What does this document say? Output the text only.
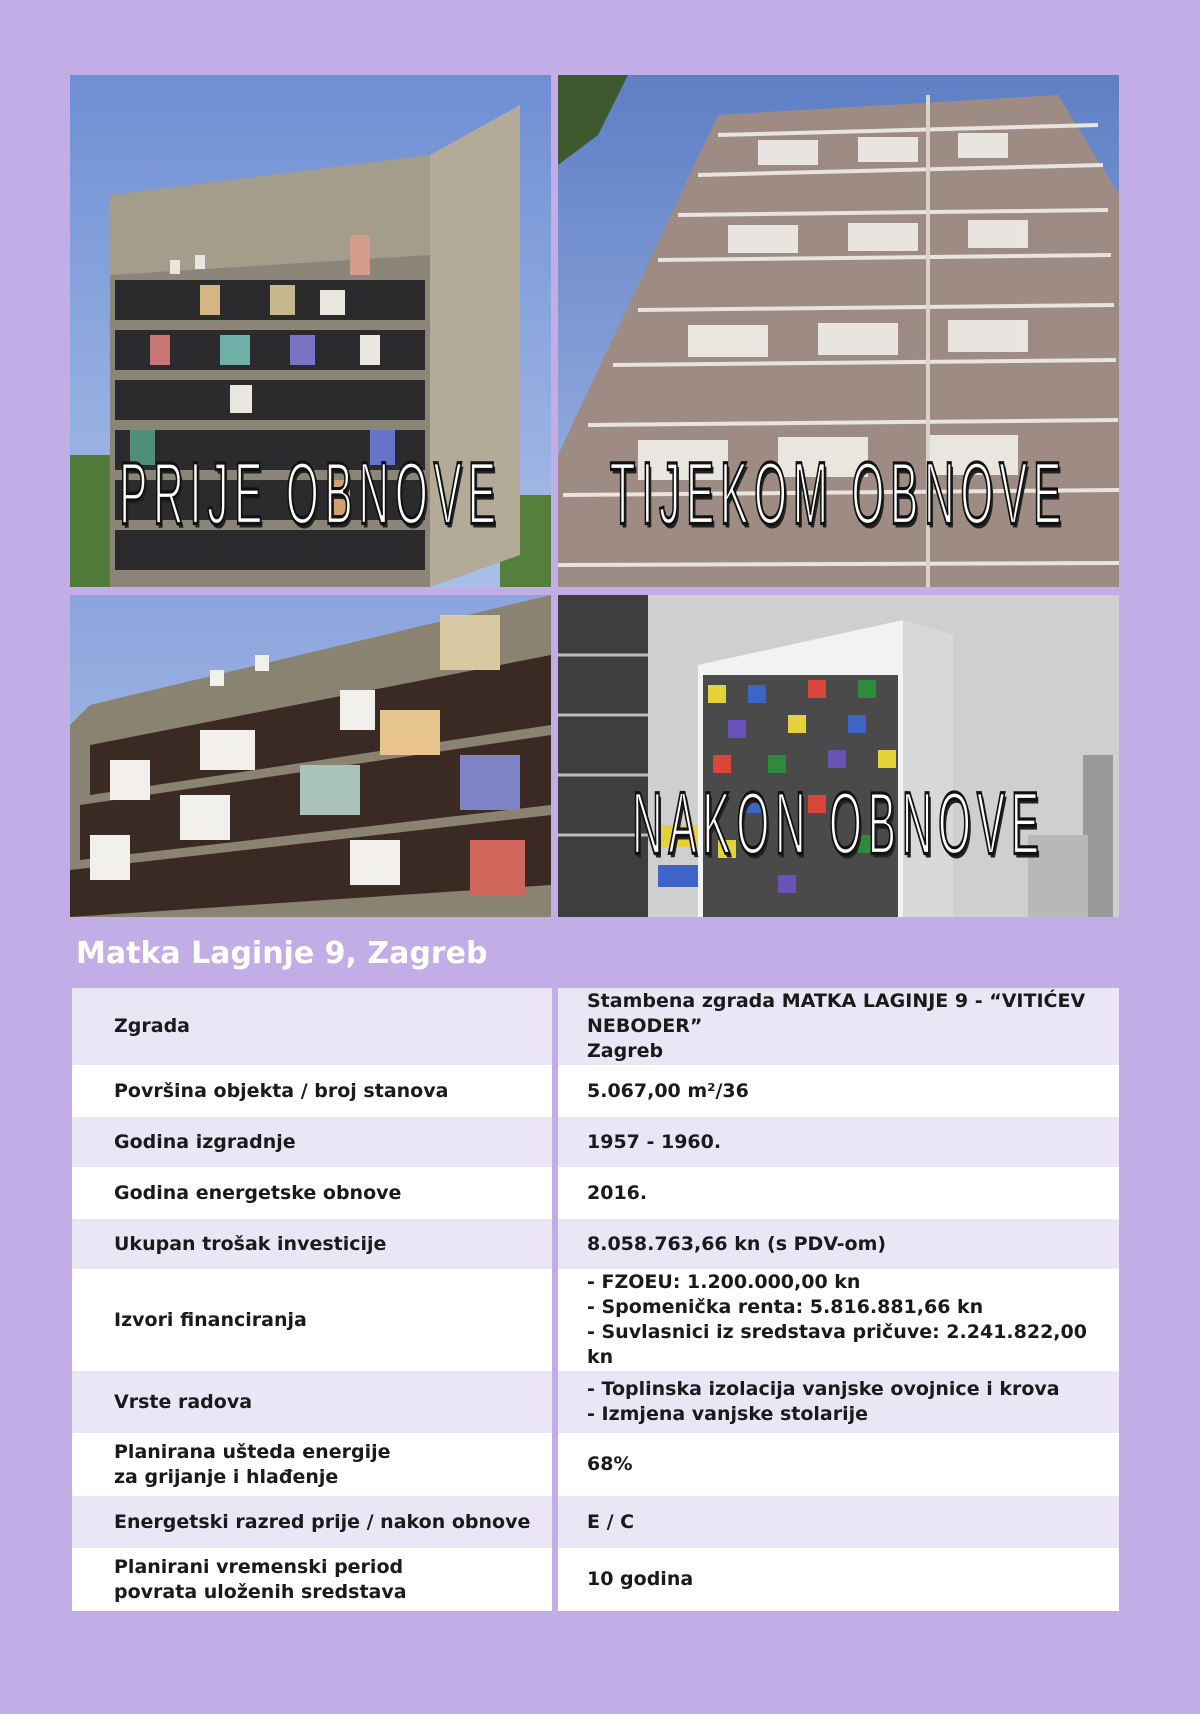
PRIJE OBNOVE	TIJEKOM OBNOVE
NAKON OBNOVE
Matka Laginje 9, Zagreb
Zgrada	Stambena zgrada MATKA LAGINJE 9 - “VITIĆEV NEBODER”
Zagreb

Površina objekta / broj stanova	5.067,00 m²/36

Godina izgradnje	1957 - 1960.

Godina energetske obnove	2016.

Ukupan trošak investicije	8.058.763,66 kn (s PDV-om)

Izvori financiranja	- FZOEU: 1.200.000,00 kn
- Spomenička renta: 5.816.881,66 kn
- Suvlasnici iz sredstava pričuve: 2.241.822,00 kn

Vrste radova	- Toplinska izolacija vanjske ovojnice i krova
- Izmjena vanjske stolarije

Planirana ušteda energije za grijanje i hlađenje	68%

Energetski razred prije / nakon obnove	E / C

Planirani vremenski period povrata uloženih sredstava	10 godina
